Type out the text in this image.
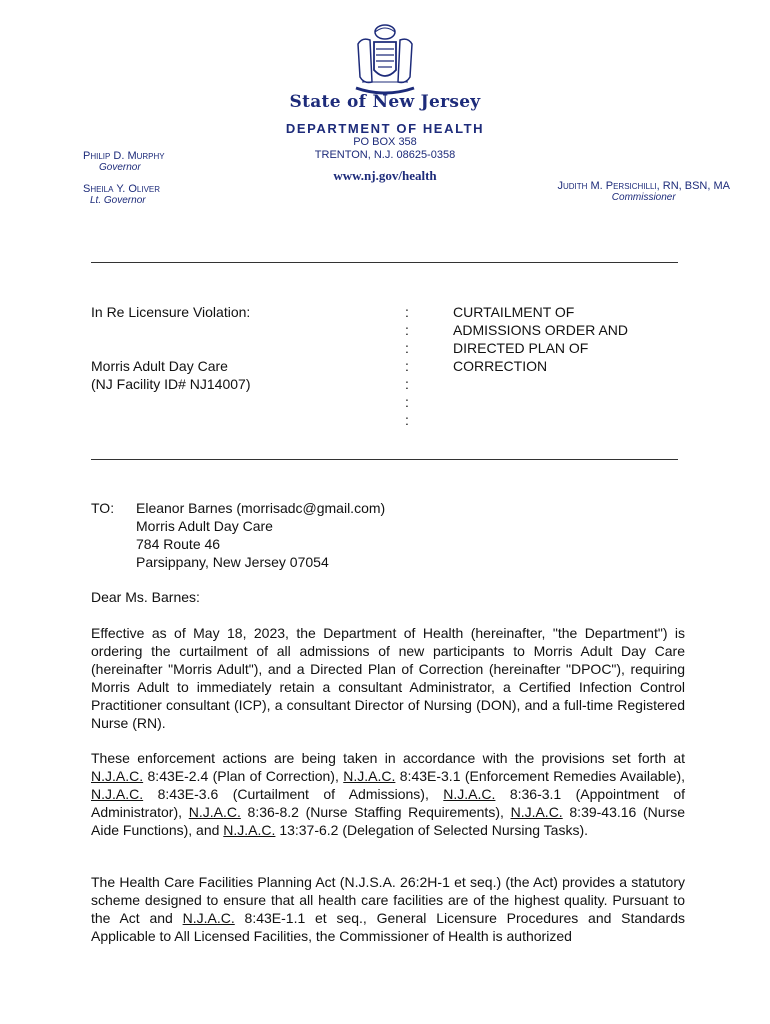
State of New Jersey
DEPARTMENT OF HEALTH
PO BOX 358
TRENTON, N.J. 08625-0358
www.nj.gov/health
Philip D. Murphy
Governor
Sheila Y. Oliver
Lt. Governor
Judith M. Persichilli, RN, BSN, MA
Commissioner
In Re Licensure Violation:
Morris Adult Day Care
(NJ Facility ID# NJ14007)
:
:
:
:
:
:
:
CURTAILMENT OF
ADMISSIONS ORDER AND
DIRECTED PLAN OF
CORRECTION
TO: Eleanor Barnes (morrisadc@gmail.com)
Morris Adult Day Care
784 Route 46
Parsippany, New Jersey 07054
Dear Ms. Barnes:
Effective as of May 18, 2023, the Department of Health (hereinafter, "the Department") is ordering the curtailment of all admissions of new participants to Morris Adult Day Care (hereinafter "Morris Adult"), and a Directed Plan of Correction (hereinafter "DPOC"), requiring Morris Adult to immediately retain a consultant Administrator, a Certified Infection Control Practitioner consultant (ICP), a consultant Director of Nursing (DON), and a full-time Registered Nurse (RN).
These enforcement actions are being taken in accordance with the provisions set forth at N.J.A.C. 8:43E-2.4 (Plan of Correction), N.J.A.C. 8:43E-3.1 (Enforcement Remedies Available), N.J.A.C. 8:43E-3.6 (Curtailment of Admissions), N.J.A.C. 8:36-3.1 (Appointment of Administrator), N.J.A.C. 8:36-8.2 (Nurse Staffing Requirements), N.J.A.C. 8:39-43.16 (Nurse Aide Functions), and N.J.A.C. 13:37-6.2 (Delegation of Selected Nursing Tasks).
The Health Care Facilities Planning Act (N.J.S.A. 26:2H-1 et seq.) (the Act) provides a statutory scheme designed to ensure that all health care facilities are of the highest quality. Pursuant to the Act and N.J.A.C. 8:43E-1.1 et seq., General Licensure Procedures and Standards Applicable to All Licensed Facilities, the Commissioner of Health is authorized
